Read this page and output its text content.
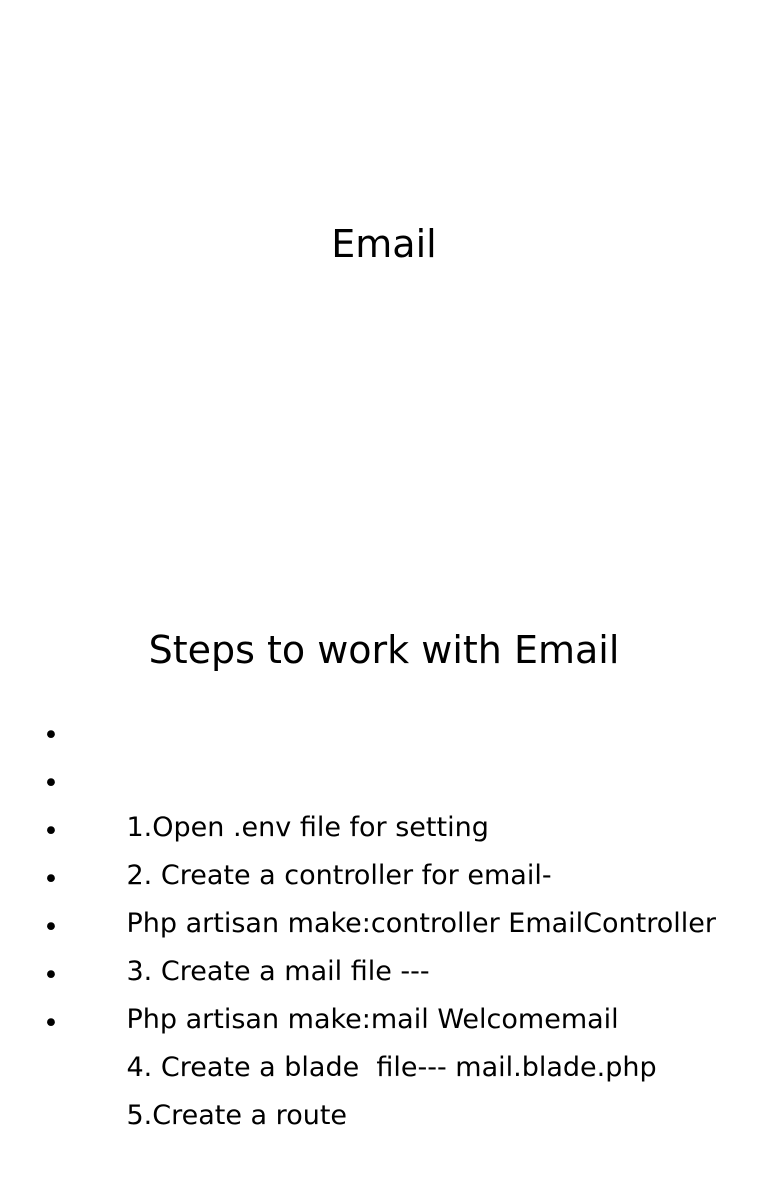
Email
Steps to work with Email

•

1.Open .env file for setting

•

2. Create a controller for email-

•

Php artisan make:controller EmailController

•

3. Create a mail file ---

•

Php artisan make:mail Welcomemail

•

4. Create a blade  file--- mail.blade.php

•

5.Create a route
